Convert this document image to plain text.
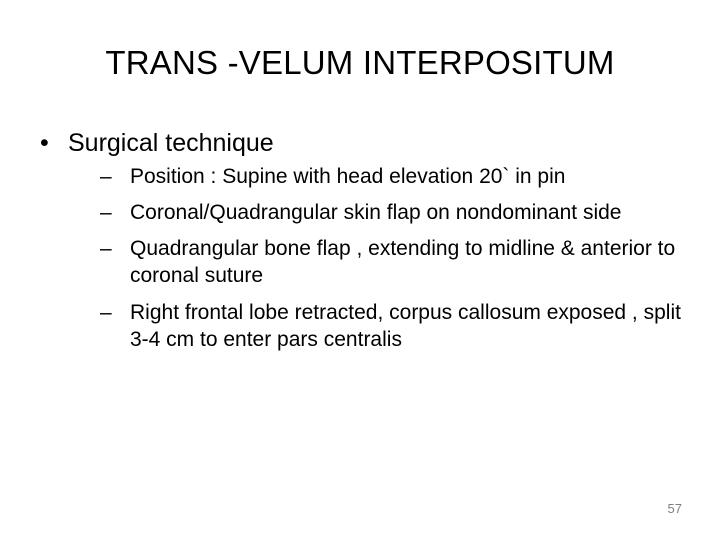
TRANS -VELUM INTERPOSITUM
• Surgical technique
– Position : Supine with head elevation 20` in pin
– Coronal/Quadrangular skin flap on nondominant side
– Quadrangular bone flap , extending to midline & anterior to coronal suture
– Right frontal lobe retracted, corpus callosum exposed , split 3-4 cm to enter pars centralis
57
